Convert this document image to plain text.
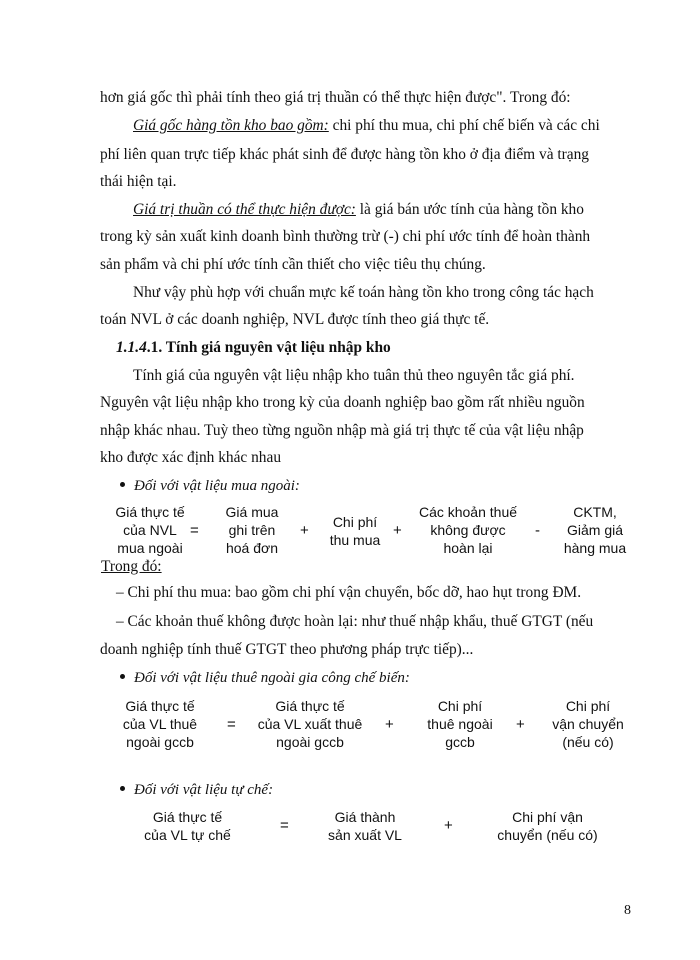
hơn giá gốc thì phải tính theo giá trị thuần có thể thực hiện được". Trong đó:
Giá gốc hàng tồn kho bao gồm: chi phí thu mua, chi phí chế biến và các chi
phí liên quan trực tiếp khác phát sinh để được hàng tồn kho ở địa điểm và trạng
thái hiện tại.
Giá trị thuần có thể thực hiện được: là giá bán ước tính của hàng tồn kho
trong kỳ sản xuất kinh doanh bình thường trừ (-) chi phí ước tính để hoàn thành
sản phẩm và chi phí ước tính cần thiết cho việc tiêu thụ chúng.
Như vậy phù hợp với chuẩn mực kế toán hàng tồn kho trong công tác hạch
toán NVL ở các doanh nghiệp, NVL được tính theo giá thực tế.
1.1.4.1. Tính giá nguyên vật liệu nhập kho
Tính giá của nguyên vật liệu nhập kho tuân thủ theo nguyên tắc giá phí.
Nguyên vật liệu nhập kho trong kỳ của doanh nghiệp bao gồm rất nhiều nguồn
nhập khác nhau. Tuỳ theo từng nguồn nhập mà giá trị thực tế của vật liệu nhập
kho được xác định khác nhau
Đối với vật liệu mua ngoài:
Giá thực tế
của NVL
mua ngoài
=
Giá mua
ghi trên
hoá đơn
+	Chi phí
thu mua
+
Các khoản thuế
không được
hoàn lại
-
CKTM,
Giảm giá
hàng mua
Trong đó:
– Chi phí thu mua: bao gồm chi phí vận chuyển, bốc dỡ, hao hụt trong ĐM.
– Các khoản thuế không được hoàn lại: như thuế nhập khẩu, thuế GTGT (nếu
doanh nghiệp tính thuế GTGT theo phương pháp trực tiếp)...
Đối với vật liệu thuê ngoài gia công chế biến:
Giá thực tế
của VL thuê
ngoài gccb
=
Giá thực tế
của VL xuất thuê
ngoài gccb
+
Chi phí
thuê ngoài
gccb
+
Chi phí
vận chuyển
(nếu có)
Đối với vật liệu tự chế:
Giá thực tế
của VL tự chế
=	Giá thành
sản xuất VL
+	Chi phí vận
chuyển (nếu có)
8
